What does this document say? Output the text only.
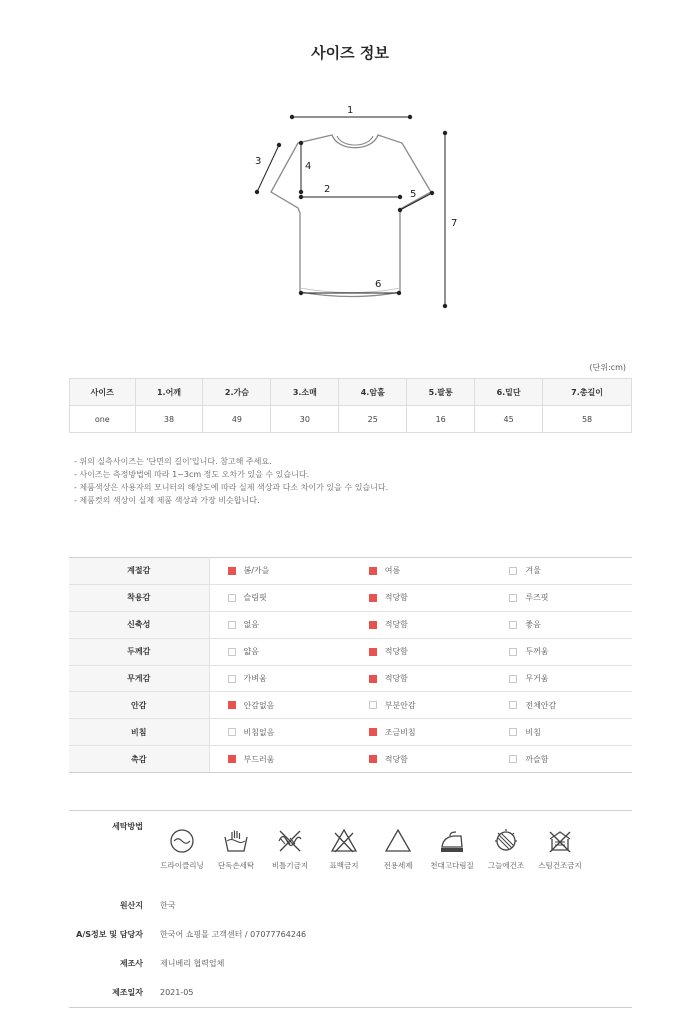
사이즈 정보
1
2
3	4
5
6
7
(단위:cm)
사이즈	1.어깨	2.가슴	3.소매	4.암홀	5.팔통	6.밑단	7.총길이
one	38	49	30	25	16	45	58
- 위의 실측사이즈는 '단면의 길이'입니다. 참고해 주세요.
- 사이즈는 측정방법에 따라 1~3cm 정도 오차가 있을 수 있습니다.
- 제품색상은 사용자의 모니터의 해상도에 따라 실제 색상과 다소 차이가 있을 수 있습니다.
- 제품컷의 색상이 실제 제품 색상과 가장 비슷합니다.
계절감	봄/가을	여름	겨울
착용감	슬림핏	적당함	루즈핏
신축성	없음	적당함	좋음
두께감	얇음	적당함	두꺼움
무게감	가벼움	적당함	무거움
안감	안감없음	부분안감	전체안감
비침	비침없음	조금비침	비침
촉감	부드러움	적당함	까슬함
세탁방법
드라이클리닝 단독손세탁 비틀기금지	표백금지	전용세제 천대고다림질 그늘에건조 스팀건조금지
원산지	한국
A/S정보 및 담당자	한국어 쇼핑몰 고객센터 / 07077764246
제조사	제니베리 협력업체
제조일자	2021-05
